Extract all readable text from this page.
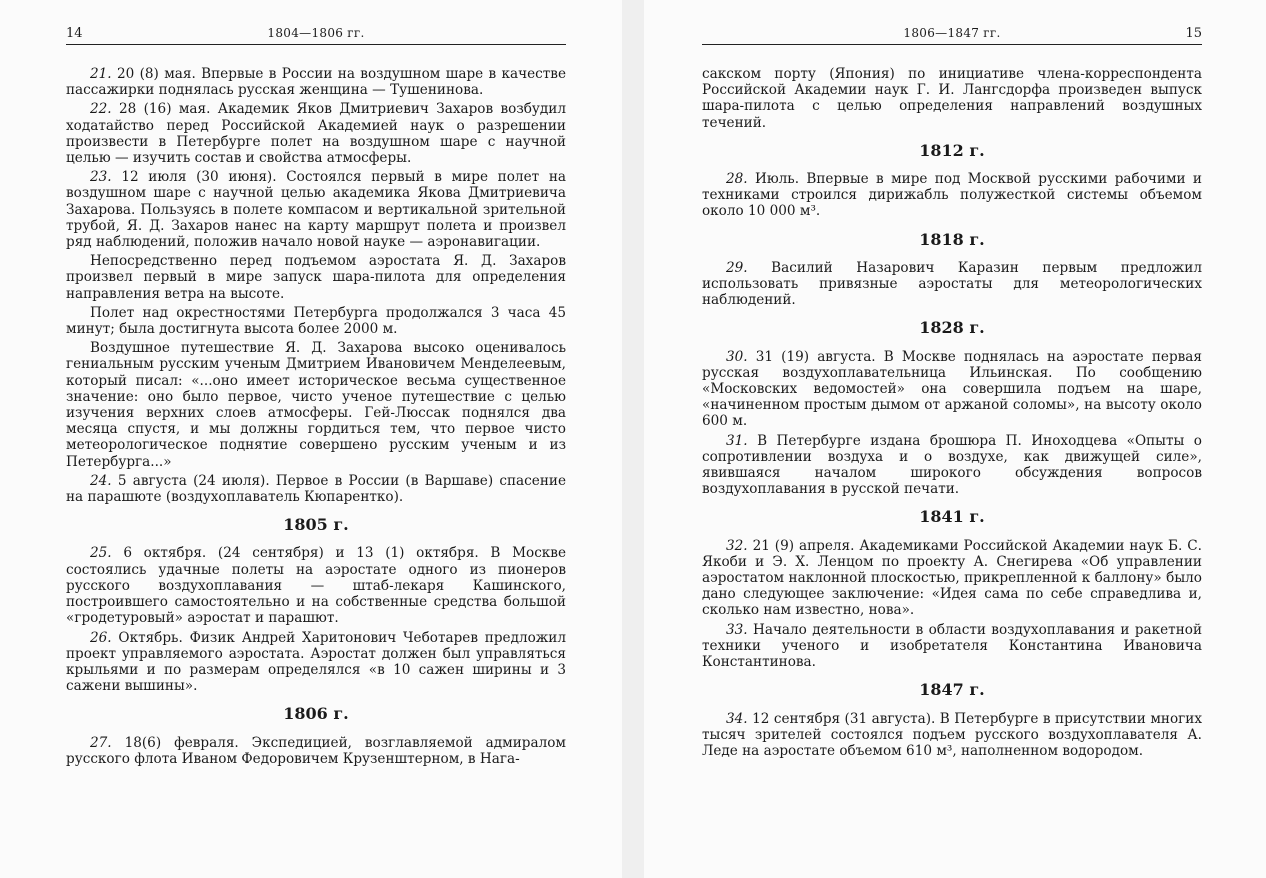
14	1804—1806 гг.

21. 20 (8) мая. Впервые в России на воздушном шаре в качестве пассажирки поднялась русская женщина — Тушенинова.

22. 28 (16) мая. Академик Яков Дмитриевич Захаров возбудил ходатайство перед Российской Академией наук о разрешении произвести в Петербурге полет на воздушном шаре с научной целью — изучить состав и свойства атмосферы.

23. 12 июля (30 июня). Состоялся первый в мире полет на воздушном шаре с научной целью академика Якова Дмитриевича Захарова. Пользуясь в полете компасом и вертикальной зрительной трубой, Я. Д. Захаров нанес на карту маршрут полета и произвел ряд наблюдений, положив начало новой науке — аэронавигации.

Непосредственно перед подъемом аэростата Я. Д. Захаров произвел первый в мире запуск шара-пилота для определения направления ветра на высоте.

Полет над окрестностями Петербурга продолжался 3 часа 45 минут; была достигнута высота более 2000 м.

Воздушное путешествие Я. Д. Захарова высоко оценивалось гениальным русским ученым Дмитрием Ивановичем Менделеевым, который писал: «...оно имеет историческое весьма существенное значение: оно было первое, чисто ученое путешествие с целью изучения верхних слоев атмосферы. Гей-Люссак поднялся два месяца спустя, и мы должны гордиться тем, что первое чисто метеорологическое поднятие совершено русским ученым и из Петербурга...»

24. 5 августа (24 июля). Первое в России (в Варшаве) спасение на парашюте (воздухоплаватель Кюпарентко).

1805 г.

25. 6 октября. (24 сентября) и 13 (1) октября. В Москве состоялись удачные полеты на аэростате одного из пионеров русского воздухоплавания — штаб-лекаря Кашинского, построившего самостоятельно и на собственные средства большой «гродетуровый» аэростат и парашют.

26. Октябрь. Физик Андрей Харитонович Чеботарев предложил проект управляемого аэростата. Аэростат должен был управляться крыльями и по размерам определялся «в 10 сажен ширины и 3 сажени вышины».

1806 г.

27. 18(6) февраля. Экспедицией, возглавляемой адмиралом русского флота Иваном Федоровичем Крузенштерном, в Нага-

1806—1847 гг.	15

сакском порту (Япония) по инициативе члена-корреспондента Российской Академии наук Г. И. Лангсдорфа произведен выпуск шара-пилота с целью определения направлений воздушных течений.

1812 г.

28. Июль. Впервые в мире под Москвой русскими рабочими и техниками строился дирижабль полужесткой системы объемом около 10 000 м³.

1818 г.

29. Василий Назарович Каразин первым предложил использовать привязные аэростаты для метеорологических наблюдений.

1828 г.

30. 31 (19) августа. В Москве поднялась на аэростате первая русская воздухоплавательница Ильинская. По сообщению «Московских ведомостей» она совершила подъем на шаре, «начиненном простым дымом от аржаной соломы», на высоту около 600 м.

31. В Петербурге издана брошюра П. Иноходцева «Опыты о сопротивлении воздуха и о воздухе, как движущей силе», явившаяся началом широкого обсуждения вопросов воздухоплавания в русской печати.

1841 г.

32. 21 (9) апреля. Академиками Российской Академии наук Б. С. Якоби и Э. Х. Ленцом по проекту А. Снегирева «Об управлении аэростатом наклонной плоскостью, прикрепленной к баллону» было дано следующее заключение: «Идея сама по себе справедлива и, сколько нам известно, нова».

33. Начало деятельности в области воздухоплавания и ракетной техники ученого и изобретателя Константина Ивановича Константинова.

1847 г.

34. 12 сентября (31 августа). В Петербурге в присутствии многих тысяч зрителей состоялся подъем русского воздухоплавателя А. Леде на аэростате объемом 610 м³, наполненном водородом.
